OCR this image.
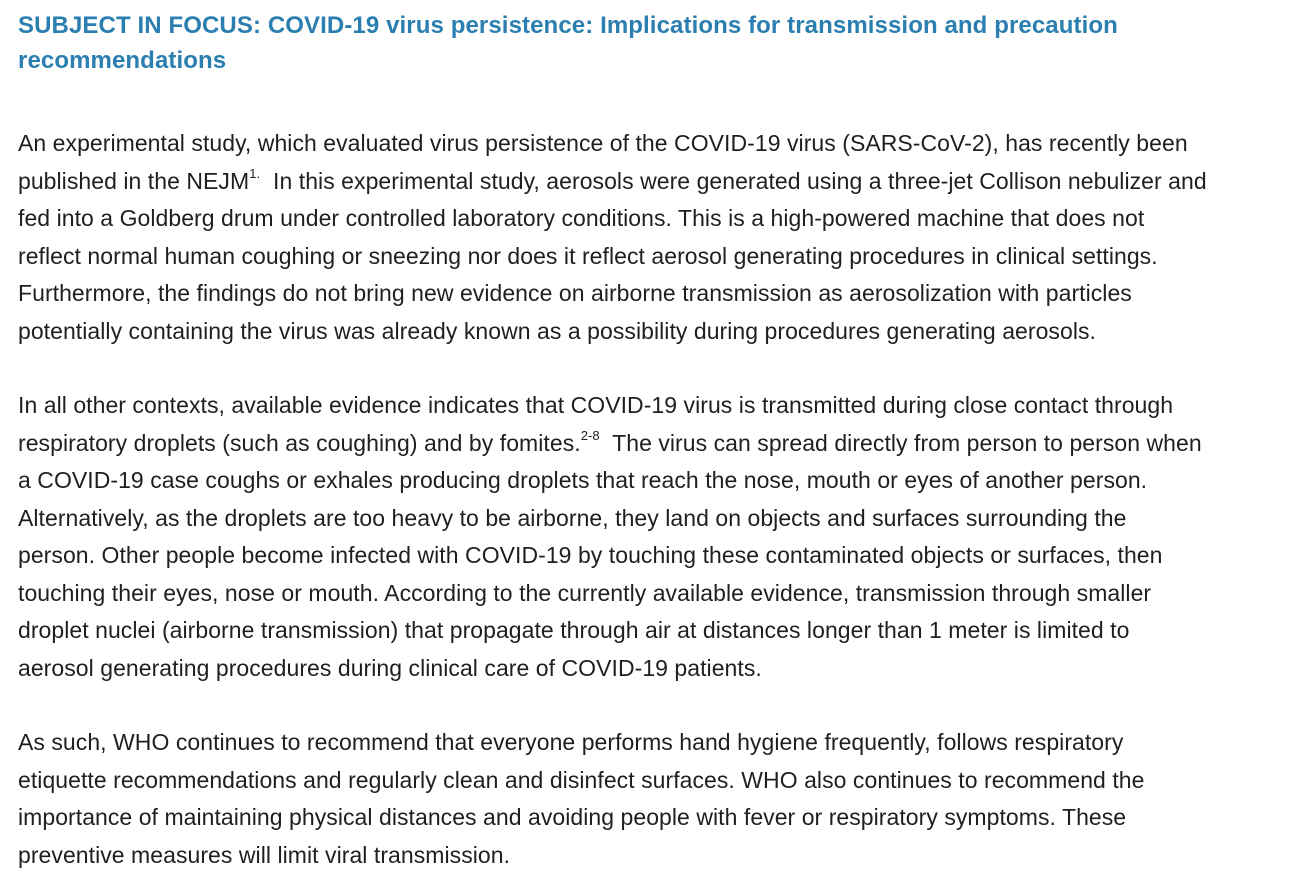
SUBJECT IN FOCUS: COVID-19 virus persistence: Implications for transmission and precaution recommendations

An experimental study, which evaluated virus persistence of the COVID-19 virus (SARS-CoV-2), has recently been
published in the $NEJM^{1.}$ In this experimental study, aerosols were generated using a three-jet Collison nebulizer and
fed into a Goldberg drum under controlled laboratory conditions. This is a high-powered machine that does not
reflect normal human coughing or sneezing nor does it reflect aerosol generating procedures in clinical settings.
Furthermore, the findings do not bring new evidence on airborne transmission as aerosolization with particles
potentially containing the virus was already known as a possibility during procedures generating aerosols.

In all other contexts, available evidence indicates that COVID-19 virus is transmitted during close contact through
respiratory droplets (such as coughing) and by fomites.$^{2-8}$ The virus can spread directly from person to person when
a COVID-19 case coughs or exhales producing droplets that reach the nose, mouth or eyes of another person.
Alternatively, as the droplets are too heavy to be airborne, they land on objects and surfaces surrounding the
person. Other people become infected with COVID-19 by touching these contaminated objects or surfaces, then
touching their eyes, nose or mouth. According to the currently available evidence, transmission through smaller
droplet nuclei (airborne transmission) that propagate through air at distances longer than 1 meter is limited to
aerosol generating procedures during clinical care of COVID-19 patients.

As such, WHO continues to recommend that everyone performs hand hygiene frequently, follows respiratory
etiquette recommendations and regularly clean and disinfect surfaces. WHO also continues to recommend the
importance of maintaining physical distances and avoiding people with fever or respiratory symptoms. These
preventive measures will limit viral transmission.
